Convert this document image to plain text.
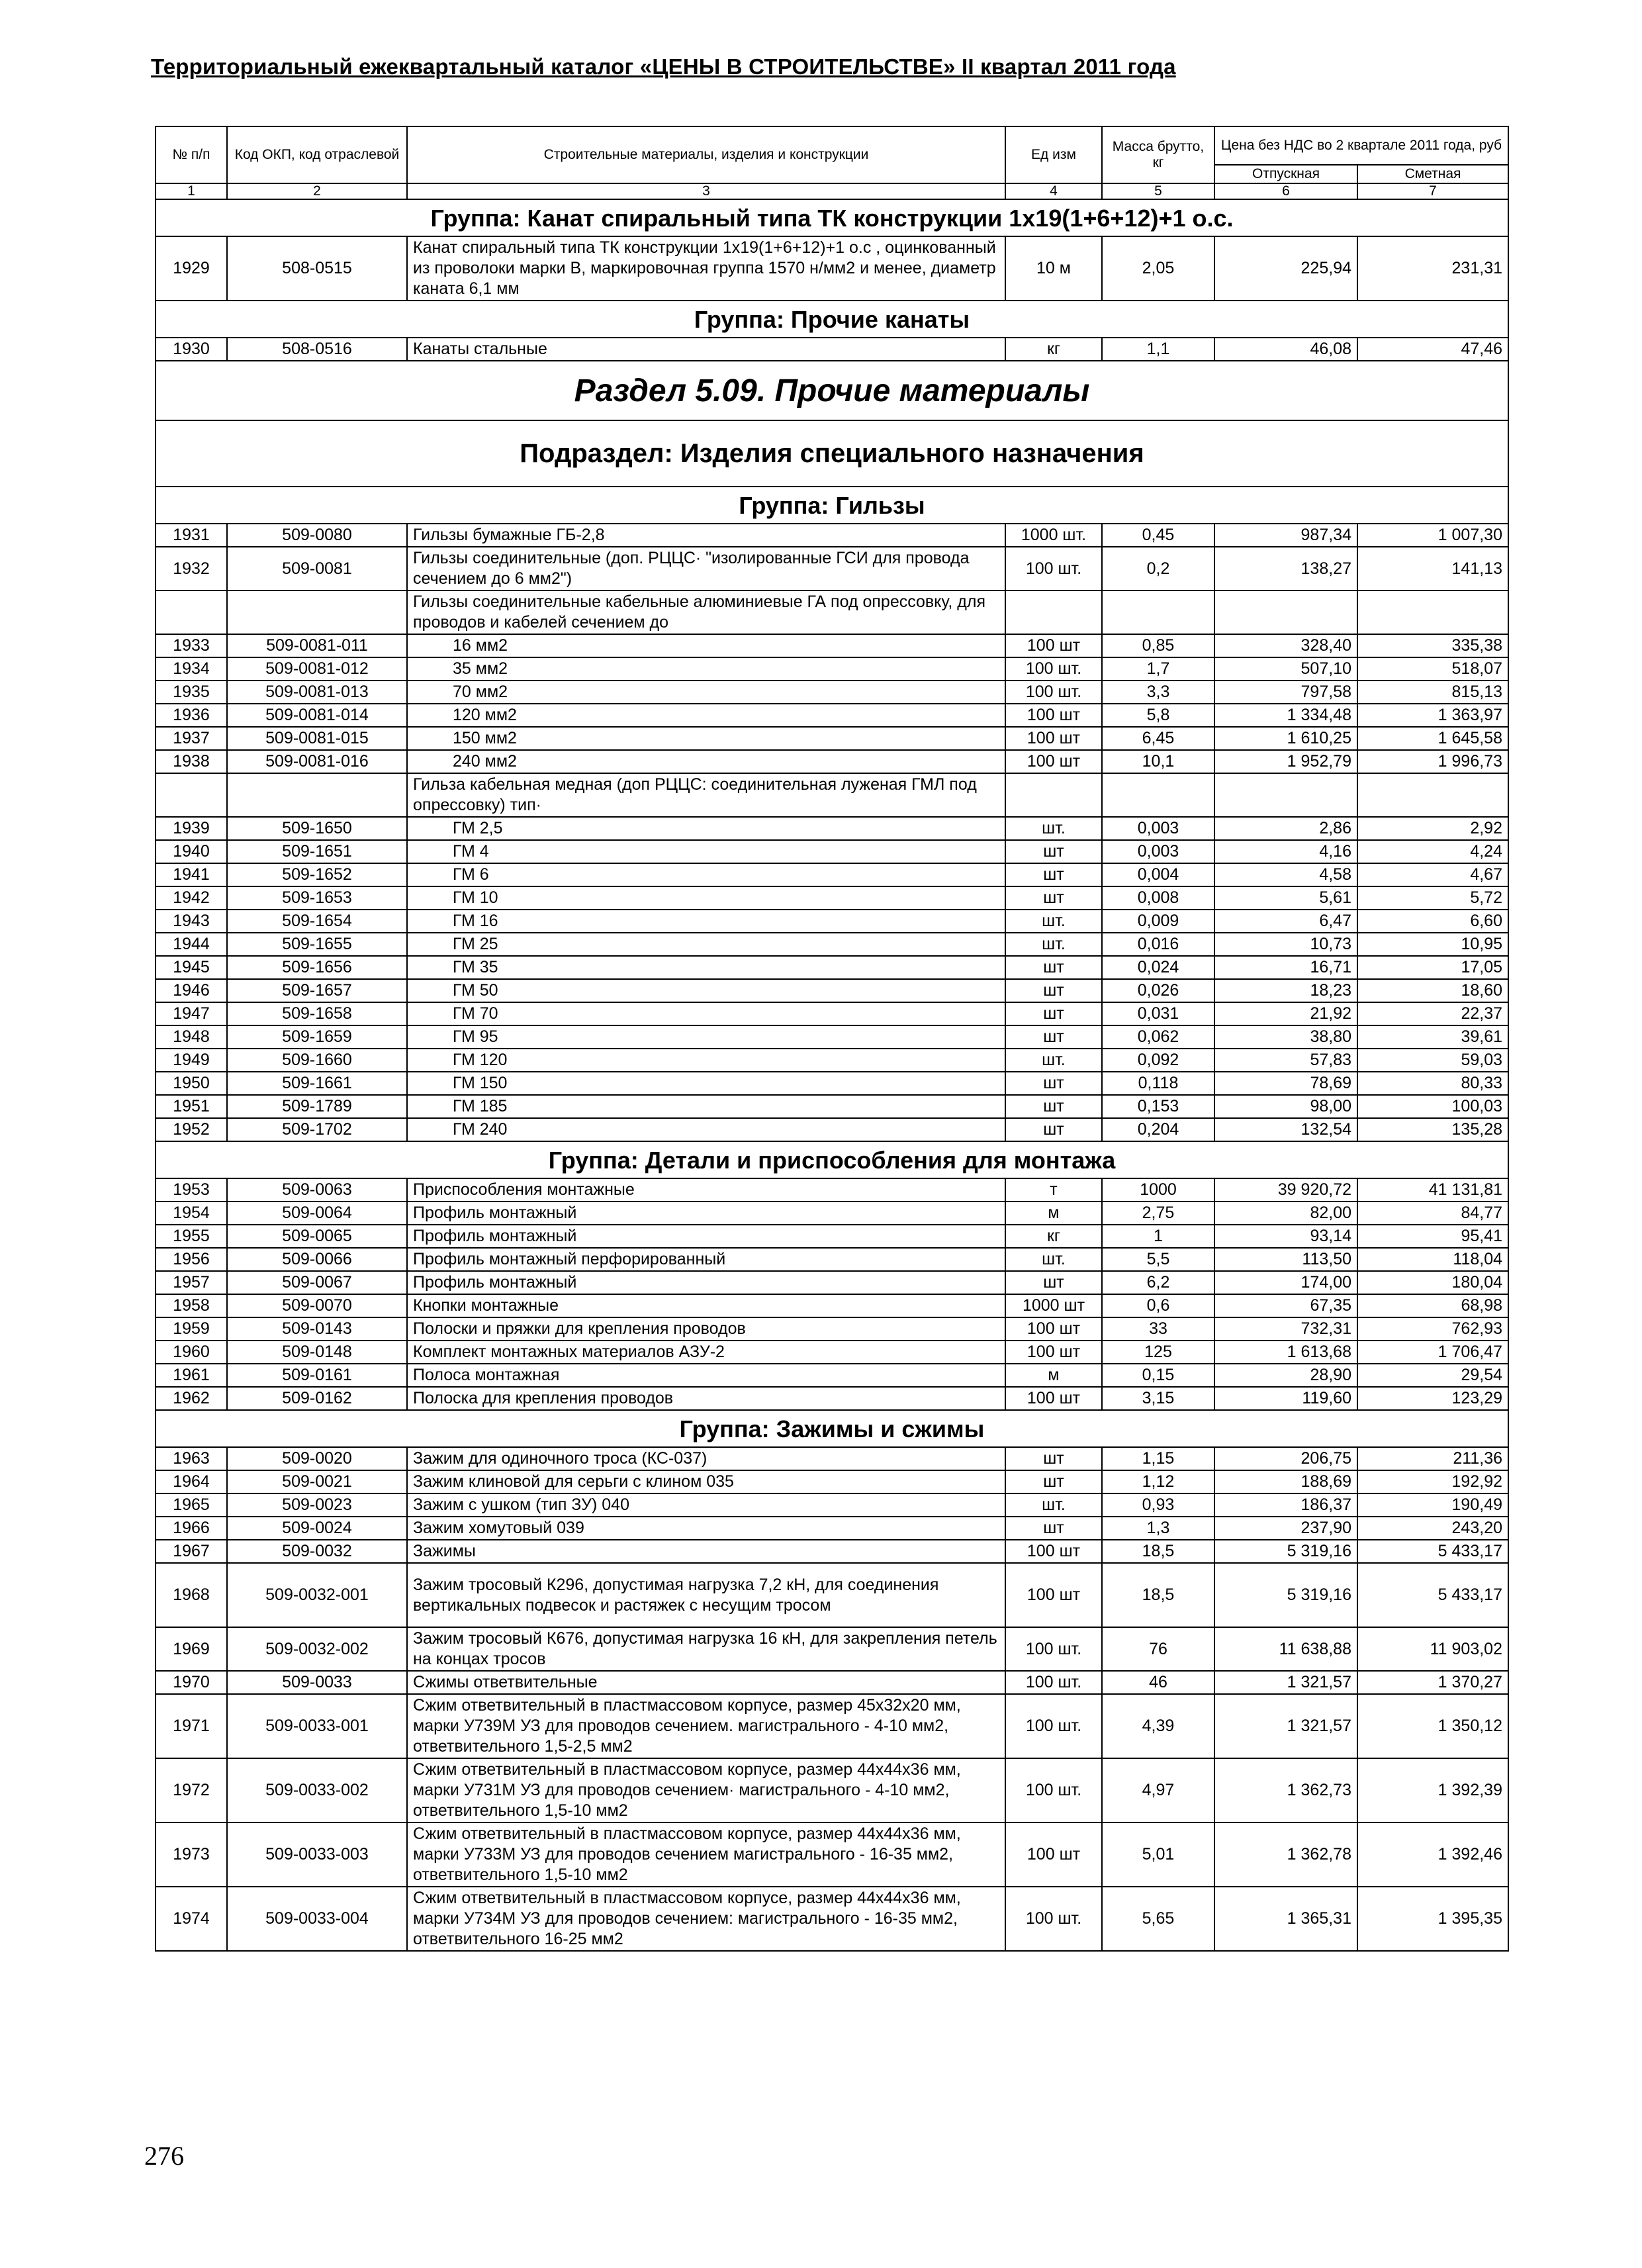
Территориальный ежеквартальный каталог «ЦЕНЫ В СТРОИТЕЛЬСТВЕ» II квартал 2011 года
№ п/п	Код ОКП, код отраслевой	Строительные материалы, изделия и конструкции	Ед изм	Масса брутто, кг	Цена без НДС во 2 квартале 2011 года, руб	
					Отпускная	Сметная
1	2	3	4	5	6	7
Группа: Канат спиральный типа ТК конструкции 1x19(1+6+12)+1 о.с.						
1929	508-0515	Канат спиральный типа ТК конструкции 1x19(1+6+12)+1 о.с , оцинкованный из проволоки марки В, маркировочная группа 1570 н/мм2 и менее, диаметр каната 6,1 мм	10 м	2,05	225,94	231,31
Группа: Прочие канаты						
1930	508-0516	Канаты стальные	кг	1,1	46,08	47,46
Раздел 5.09. Прочие материалы						
Подраздел: Изделия специального назначения						
Группа: Гильзы						
1931	509-0080	Гильзы бумажные ГБ-2,8	1000 шт.	0,45	987,34	1 007,30
1932	509-0081	Гильзы соединительные (доп. РЦЦС· "изолированные ГСИ для провода сечением до 6 мм2")	100 шт.	0,2	138,27	141,13
		Гильзы соединительные кабельные алюминиевые ГА под опрессовку, для проводов и кабелей сечением до				
1933	509-0081-011	16 мм2	100 шт	0,85	328,40	335,38
1934	509-0081-012	35 мм2	100 шт.	1,7	507,10	518,07
1935	509-0081-013	70 мм2	100 шт.	3,3	797,58	815,13
1936	509-0081-014	120 мм2	100 шт	5,8	1 334,48	1 363,97
1937	509-0081-015	150 мм2	100 шт	6,45	1 610,25	1 645,58
1938	509-0081-016	240 мм2	100 шт	10,1	1 952,79	1 996,73
		Гильза кабельная медная (доп РЦЦС: соединительная луженая ГМЛ под опрессовку) тип·				
1939	509-1650	ГМ 2,5	шт.	0,003	2,86	2,92
1940	509-1651	ГМ 4	шт	0,003	4,16	4,24
1941	509-1652	ГМ 6	шт	0,004	4,58	4,67
1942	509-1653	ГМ 10	шт	0,008	5,61	5,72
1943	509-1654	ГМ 16	шт.	0,009	6,47	6,60
1944	509-1655	ГМ 25	шт.	0,016	10,73	10,95
1945	509-1656	ГМ 35	шт	0,024	16,71	17,05
1946	509-1657	ГМ 50	шт	0,026	18,23	18,60
1947	509-1658	ГМ 70	шт	0,031	21,92	22,37
1948	509-1659	ГМ 95	шт	0,062	38,80	39,61
1949	509-1660	ГМ 120	шт.	0,092	57,83	59,03
1950	509-1661	ГМ 150	шт	0,118	78,69	80,33
1951	509-1789	ГМ 185	шт	0,153	98,00	100,03
1952	509-1702	ГМ 240	шт	0,204	132,54	135,28
Группа: Детали и приспособления для монтажа						
1953	509-0063	Приспособления монтажные	т	1000	39 920,72	41 131,81
1954	509-0064	Профиль монтажный	м	2,75	82,00	84,77
1955	509-0065	Профиль монтажный	кг	1	93,14	95,41
1956	509-0066	Профиль монтажный перфорированный	шт.	5,5	113,50	118,04
1957	509-0067	Профиль монтажный	шт	6,2	174,00	180,04
1958	509-0070	Кнопки монтажные	1000 шт	0,6	67,35	68,98
1959	509-0143	Полоски и пряжки для крепления проводов	100 шт	33	732,31	762,93
1960	509-0148	Комплект монтажных материалов АЗУ-2	100 шт	125	1 613,68	1 706,47
1961	509-0161	Полоса монтажная	м	0,15	28,90	29,54
1962	509-0162	Полоска для крепления проводов	100 шт	3,15	119,60	123,29
Группа: Зажимы и сжимы						
1963	509-0020	Зажим для одиночного троса (КС-037)	шт	1,15	206,75	211,36
1964	509-0021	Зажим клиновой для серьги с клином 035	шт	1,12	188,69	192,92
1965	509-0023	Зажим с ушком (тип ЗУ) 040	шт.	0,93	186,37	190,49
1966	509-0024	Зажим хомутовый 039	шт	1,3	237,90	243,20
1967	509-0032	Зажимы	100 шт	18,5	5 319,16	5 433,17
1968	509-0032-001	Зажим тросовый К296, допустимая нагрузка 7,2 кН, для соединения вертикальных подвесок и растяжек с несущим тросом	100 шт	18,5	5 319,16	5 433,17
1969	509-0032-002	Зажим тросовый К676, допустимая нагрузка 16 кН, для закрепления петель на концах тросов	100 шт.	76	11 638,88	11 903,02
1970	509-0033	Сжимы ответвительные	100 шт.	46	1 321,57	1 370,27
1971	509-0033-001	Сжим ответвительный в пластмассовом корпусе, размер 45x32x20 мм, марки У739М УЗ для проводов сечением. магистрального - 4-10 мм2, ответвительного 1,5-2,5 мм2	100 шт.	4,39	1 321,57	1 350,12
1972	509-0033-002	Сжим ответвительный в пластмассовом корпусе, размер 44x44x36 мм, марки У731М УЗ для проводов сечением· магистрального - 4-10 мм2, ответвительного 1,5-10 мм2	100 шт.	4,97	1 362,73	1 392,39
1973	509-0033-003	Сжим ответвительный в пластмассовом корпусе, размер 44x44x36 мм, марки У733М УЗ для проводов сечением магистрального - 16-35 мм2, ответвительного 1,5-10 мм2	100 шт	5,01	1 362,78	1 392,46
1974	509-0033-004	Сжим ответвительный в пластмассовом корпусе, размер 44x44x36 мм, марки У734М УЗ для проводов сечением: магистрального - 16-35 мм2, ответвительного 16-25 мм2	100 шт.	5,65	1 365,31	1 395,35
276
